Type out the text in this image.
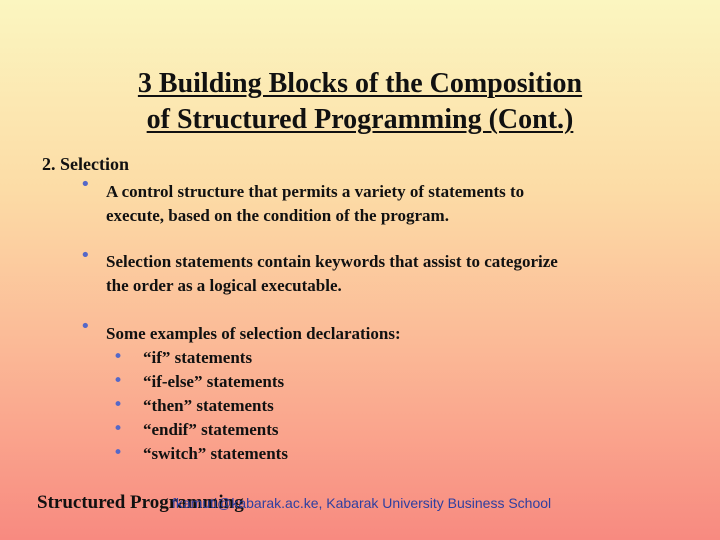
3 Building Blocks of the Composition
of Structured Programming (Cont.)
2. Selection
• A control structure that permits a variety of statements to
execute, based on the condition of the program.
• Selection statements contain keywords that assist to categorize
the order as a logical executable.
• Some examples of selection declarations:
• “if” statements
• “if-else” statements
• “then” statements
• “endif” statements
• “switch” statements
Structured Programming
fkamuti@kabarak.ac.ke, Kabarak University Business School
